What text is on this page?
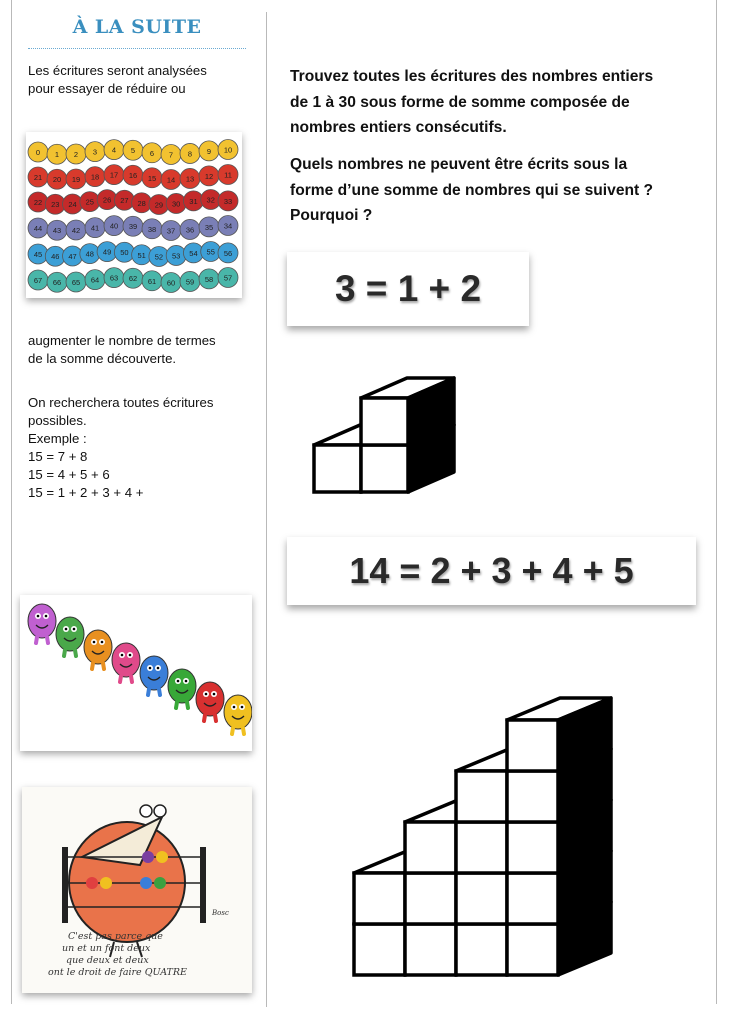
À LA SUITE
Les écritures seront analysées
pour essayer de réduire ou
0 1 2 3 4 5 6 7 8 9 10
21 20 19 18 17 16 15 14 13 12 11
22 23 24 25 26 27 28 29 30 31 32 33
44 43 42 41 40 39 38 37 36 35 34
45 46 47 48 49 50 51 52 53 54 55 56
67 66 65 64 63 62 61 60 59 58 57
augmenter le nombre de termes
de la somme découverte.
On recherchera toutes écritures
possibles.
Exemple :
15 = 7 + 8
15 = 4 + 5 + 6
15 = 1 + 2 + 3 + 4 +
Bosc
C'est pas parce que
un et un font deux
que deux et deux
ont le droit de faire QUATRE
Trouvez toutes les écritures des nombres entiers
de 1 à 30 sous forme de somme composée de
nombres entiers consécutifs.
Quels nombres ne peuvent être écrits sous la
forme d’une somme de nombres qui se suivent ?
Pourquoi ?
3 = 1 + 2
14 = 2 + 3 + 4 + 5
